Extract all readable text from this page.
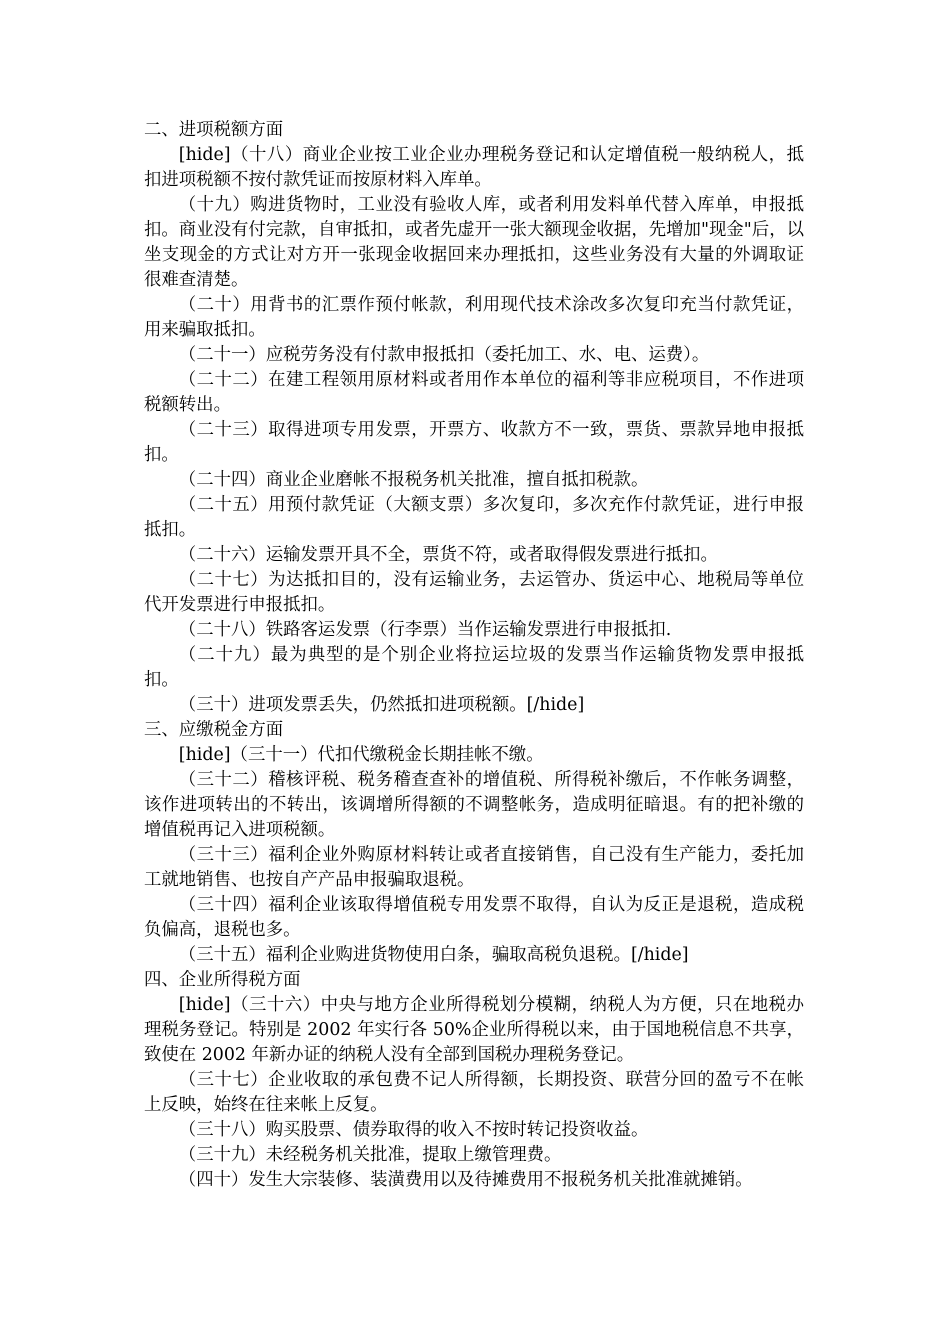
二、进项税额方面

[hide]（十八）商业企业按工业企业办理税务登记和认定增值税一般纳税人，抵扣进项税额不按付款凭证而按原材料入库单。

（十九）购进货物时，工业没有验收人库，或者利用发料单代替入库单，申报抵扣。商业没有付完款，自审抵扣，或者先虚开一张大额现金收据，先增加"现金"后，以坐支现金的方式让对方开一张现金收据回来办理抵扣，这些业务没有大量的外调取证很难查清楚。

（二十）用背书的汇票作预付帐款，利用现代技术涂改多次复印充当付款凭证，用来骗取抵扣。

（二十一）应税劳务没有付款申报抵扣（委托加工、水、电、运费）。

（二十二）在建工程领用原材料或者用作本单位的福利等非应税项目，不作进项税额转出。

（二十三）取得进项专用发票，开票方、收款方不一致，票货、票款异地申报抵扣。

（二十四）商业企业磨帐不报税务机关批准，擅自抵扣税款。

（二十五）用预付款凭证（大额支票）多次复印，多次充作付款凭证，进行申报抵扣。

（二十六）运输发票开具不全，票货不符，或者取得假发票进行抵扣。

（二十七）为达抵扣目的，没有运输业务，去运管办、货运中心、地税局等单位代开发票进行申报抵扣。

（二十八）铁路客运发票（行李票）当作运输发票进行申报抵扣.

（二十九）最为典型的是个别企业将拉运垃圾的发票当作运输货物发票申报抵扣。

（三十）进项发票丢失，仍然抵扣进项税额。[/hide]

三、应缴税金方面

[hide]（三十一）代扣代缴税金长期挂帐不缴。

（三十二）稽核评税、税务稽查查补的增值税、所得税补缴后，不作帐务调整，该作进项转出的不转出，该调增所得额的不调整帐务，造成明征暗退。有的把补缴的增值税再记入进项税额。

（三十三）福利企业外购原材料转让或者直接销售，自己没有生产能力，委托加工就地销售、也按自产产品申报骗取退税。

（三十四）福利企业该取得增值税专用发票不取得，自认为反正是退税，造成税负偏高，退税也多。

（三十五）福利企业购进货物使用白条，骗取高税负退税。[/hide]

四、企业所得税方面

[hide]（三十六）中央与地方企业所得税划分模糊，纳税人为方便，只在地税办理税务登记。特别是 2002 年实行各 50%企业所得税以来，由于国地税信息不共享，致使在 2002 年新办证的纳税人没有全部到国税办理税务登记。

（三十七）企业收取的承包费不记人所得额，长期投资、联营分回的盈亏不在帐上反映，始终在往来帐上反复。

（三十八）购买股票、债券取得的收入不按时转记投资收益。

（三十九）未经税务机关批准，提取上缴管理费。

（四十）发生大宗装修、装潢费用以及待摊费用不报税务机关批准就摊销。
